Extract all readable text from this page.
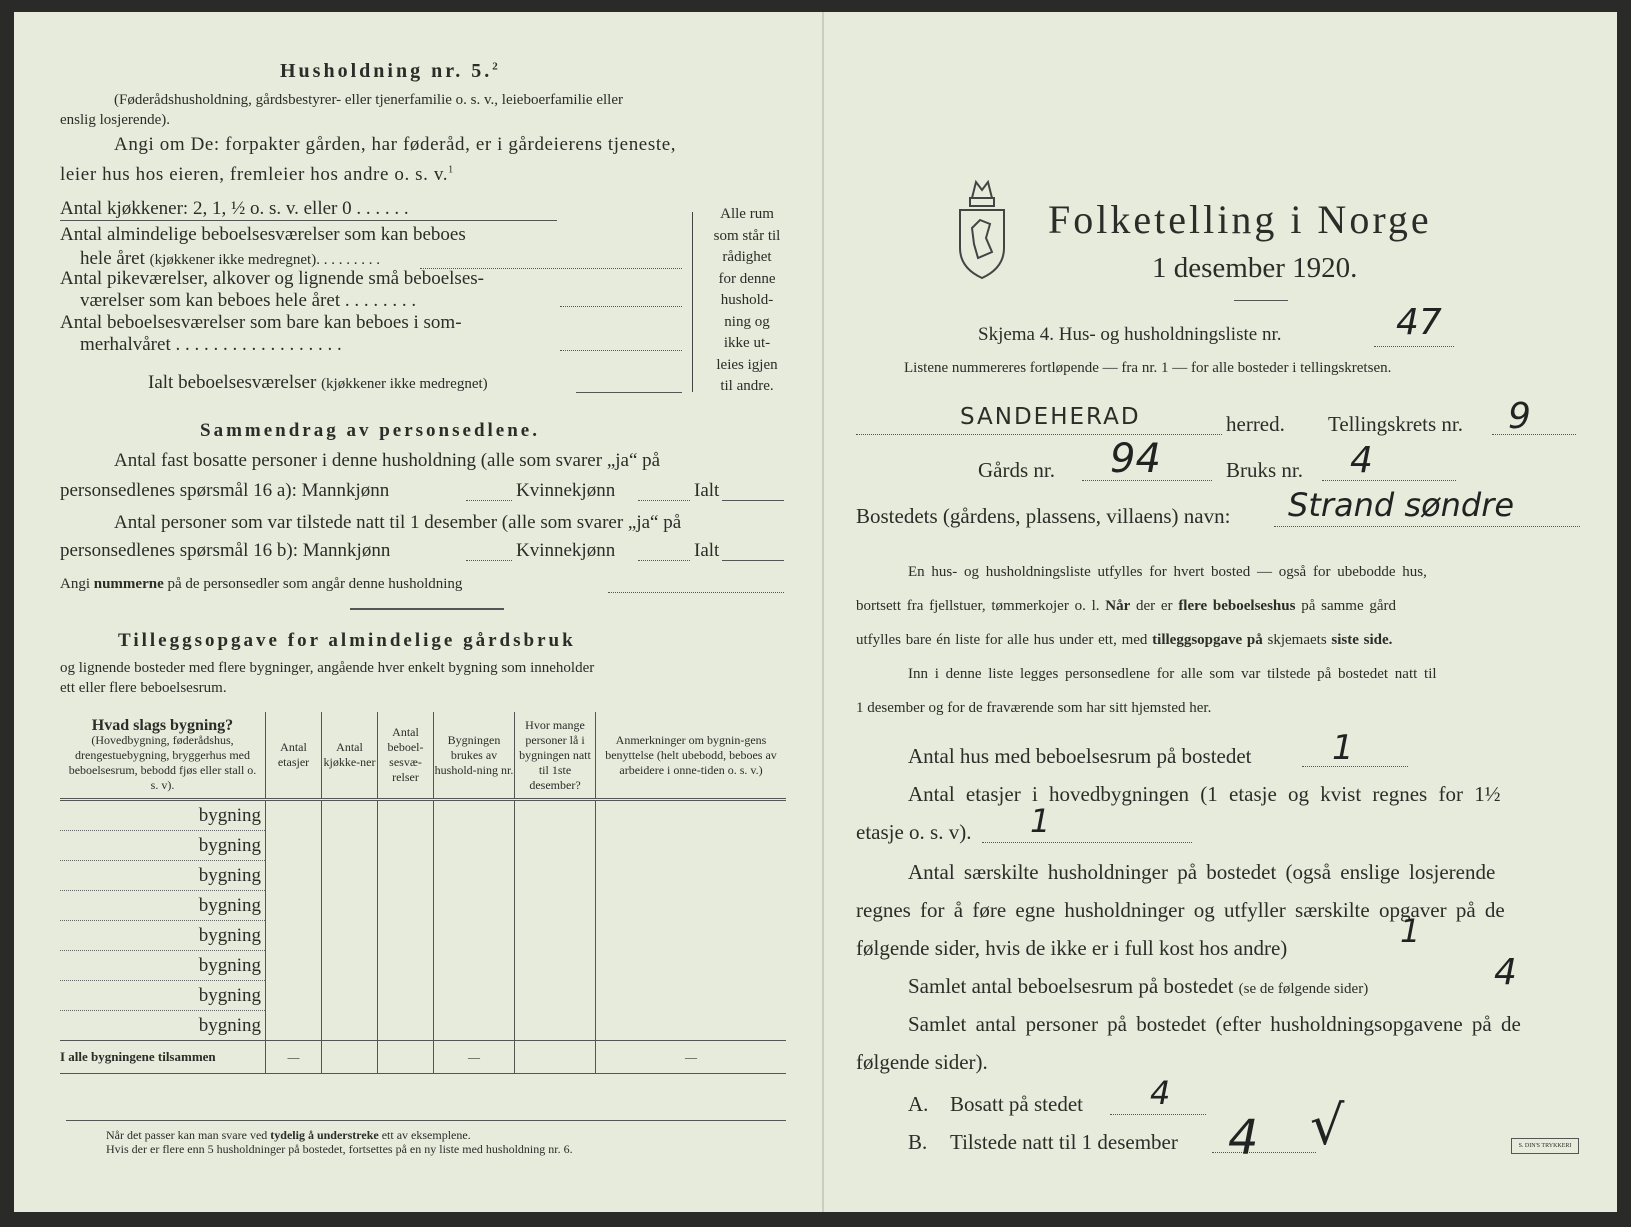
Husholdning nr. 5.$^2$
(Føderådshusholdning, gårdsbestyrer- eller tjenerfamilie o. s. v., leieboerfamilie eller
enslig losjerende).
Angi om De: forpakter gården, har føderåd, er i gårdeierens tjeneste,
leier hus hos eieren, fremleier hos andre o. s. v.$^1$
Antal kjøkkener: 2, 1, ½ o. s. v. eller 0 . . . . . .
Antal almindelige beboelsesværelser som kan beboes
hele året (kjøkkener ikke medregnet). . . . . . . . .
Antal pikeværelser, alkover og lignende små beboelses-
værelser som kan beboes hele året . . . . . . . .
Antal beboelsesværelser som bare kan beboes i som-
merhalvåret . . . . . . . . . . . . . . . . . .
Ialt beboelsesværelser (kjøkkener ikke medregnet)
Alle rum
som står til
rådighet
for denne
hushold-
ning og
ikke ut-
leies igjen
til andre.
Sammendrag av personsedlene.
Antal fast bosatte personer i denne husholdning (alle som svarer „ja“ på
personsedlenes spørsmål 16 a): Mannkjønn	Kvinnekjønn	Ialt
Antal personer som var tilstede natt til 1 desember (alle som svarer „ja“ på
personsedlenes spørsmål 16 b): Mannkjønn	Kvinnekjønn	Ialt
Angi nummerne på de personsedler som angår denne husholdning
Tilleggsopgave for almindelige gårdsbruk
og lignende bosteder med flere bygninger, angående hver enkelt bygning som inneholder
ett eller flere beboelsesrum.
Hvad slags bygning?
(Hovedbygning, føderådshus, drengestuebygning, bryggerhus med beboelsesrum, bebodd fjøs eller stall o. s. v).	Antal etasjer	Antal kjøkke-ner	Antal beboel-sesvæ-relser	Bygningen brukes av hushold-ning nr.	Hvor mange personer lå i bygningen natt til 1ste desember?	Anmerkninger om bygnin-gens benyttelse (helt ubebodd, beboes av arbeidere i onne-tiden o. s. v.)
bygning						
bygning						
bygning						
bygning						
bygning						
bygning						
bygning						
bygning						
I alle bygningene tilsammen	—			—		—
Når det passer kan man svare ved tydelig å understreke ett av eksemplene.
Hvis der er flere enn 5 husholdninger på bostedet, fortsettes på en ny liste med husholdning nr. 6.
Folketelling i Norge
1 desember 1920.
Skjema 4. Hus- og husholdningsliste nr.	47
Listene nummereres fortløpende — fra nr. 1 — for alle bosteder i tellingskretsen.
SANDEHERAD	herred. Tellingskrets nr. 9
Gårds nr. 94	Bruks nr. 4
Bostedets (gårdens, plassens, villaens) navn: Strand søndre
En hus- og husholdningsliste utfylles for hvert bosted — også for ubebodde hus,
bortsett fra fjellstuer, tømmerkojer o. l. Når der er flere beboelseshus på samme gård
utfylles bare én liste for alle hus under ett, med tilleggsopgave på skjemaets siste side.
Inn i denne liste legges personsedlene for alle som var tilstede på bostedet natt til
1 desember og for de fraværende som har sitt hjemsted her.
Antal hus med beboelsesrum på bostedet 1
Antal etasjer i hovedbygningen (1 etasje og kvist regnes for 1½
etasje o. s. v). 1
Antal særskilte husholdninger på bostedet (også enslige losjerende
regnes for å føre egne husholdninger og utfyller særskilte opgaver på de
følgende sider, hvis de ikke er i full kost hos andre)	1
Samlet antal beboelsesrum på bostedet (se de følgende sider)	4
Samlet antal personer på bostedet (efter husholdningsopgavene på de
følgende sider).
A. Bosatt på stedet 4
B. Tilstede natt til 1 desember 4 √	S. DIN'S TRYKKERI
